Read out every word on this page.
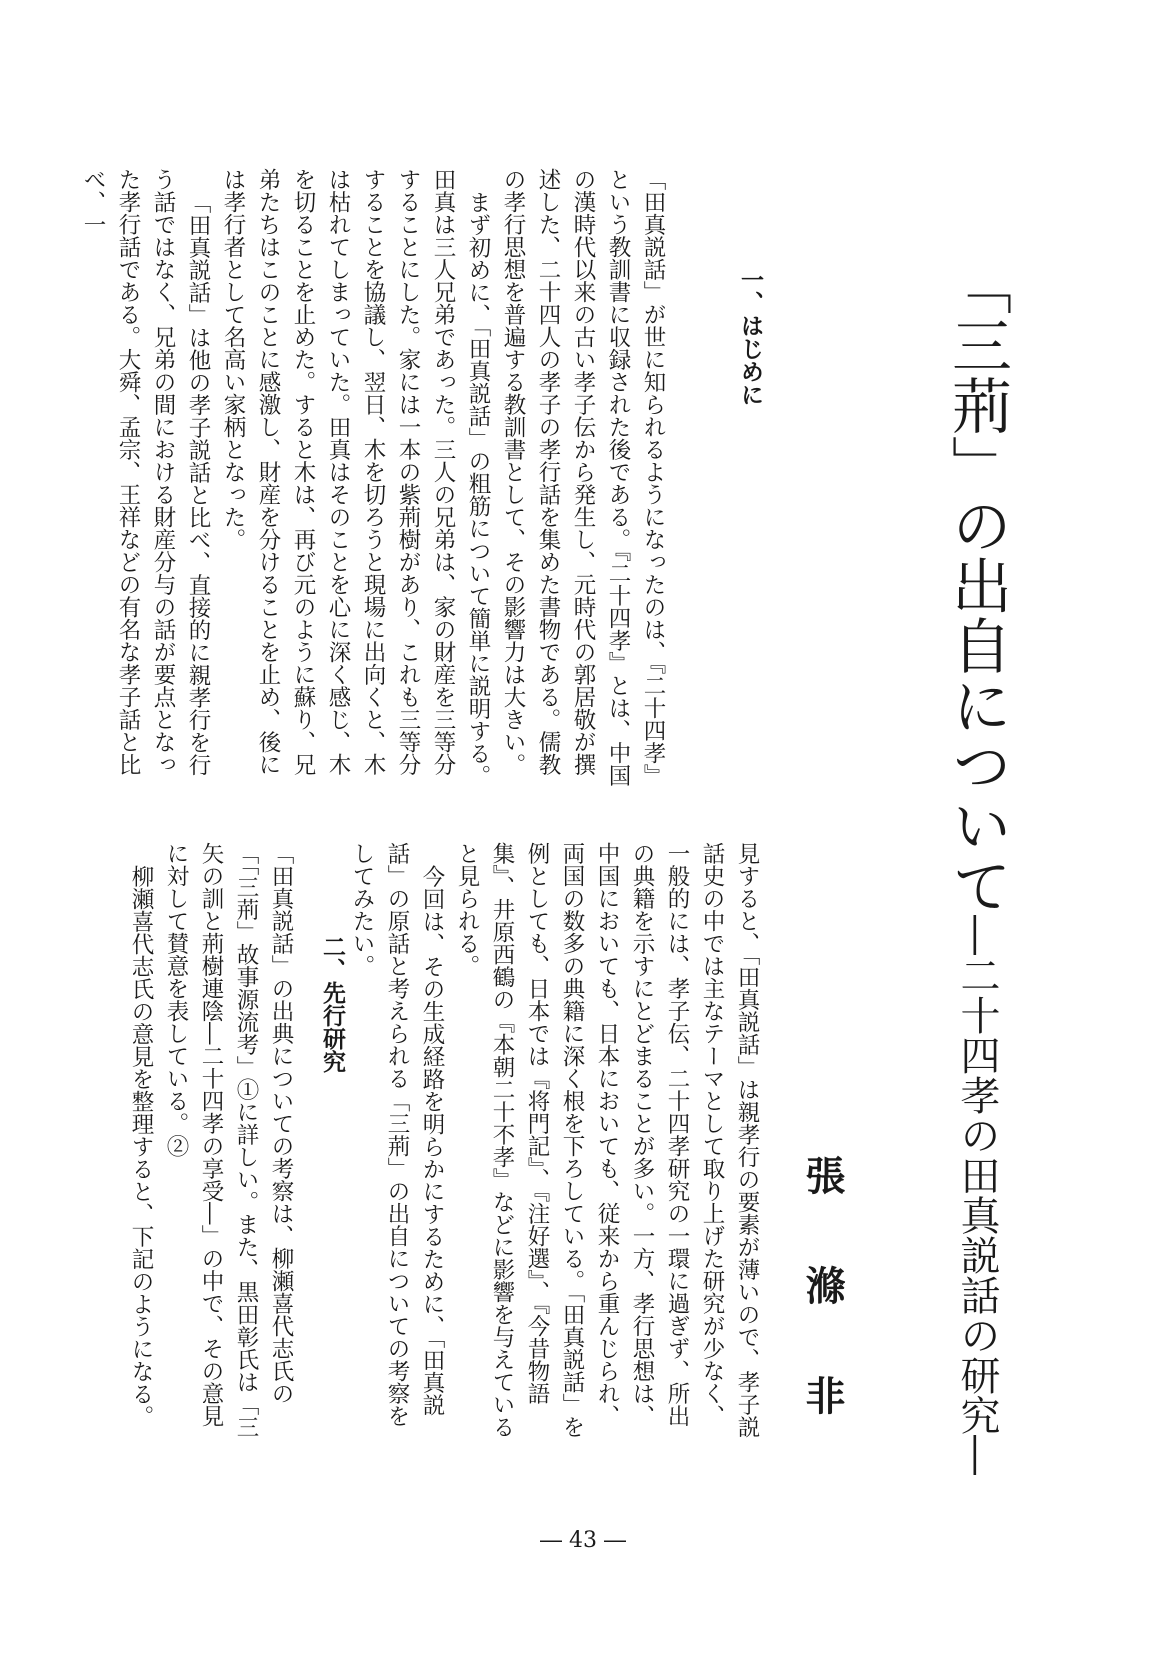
「三荊」の出自について―二十四孝の田真説話の研究―
張
滌
非
一、はじめに
「田真説話」が世に知られるようになったのは、『二十四孝』という教訓書に収録された後である。『二十四孝』とは、中国の漢時代以来の古い孝子伝から発生し、元時代の郭居敬が撰述した、二十四人の孝子の孝行話を集めた書物である。儒教の孝行思想を普遍する教訓書として、その影響力は大きい。
まず初めに、「田真説話」の粗筋について簡単に説明する。田真は三人兄弟であった。三人の兄弟は、家の財産を三等分することにした。家には一本の紫荊樹があり、これも三等分することを協議し、翌日、木を切ろうと現場に出向くと、木は枯れてしまっていた。田真はそのことを心に深く感じ、木を切ることを止めた。すると木は、再び元のように蘇り、兄弟たちはこのことに感激し、財産を分けることを止め、後には孝行者として名高い家柄となった。
「田真説話」は他の孝子説話と比べ、直接的に親孝行を行う話ではなく、兄弟の間における財産分与の話が要点となった孝行話である。大舜、孟宗、王祥などの有名な孝子話と比べ、一
見すると、「田真説話」は親孝行の要素が薄いので、孝子説話史の中では主なテーマとして取り上げた研究が少なく、一般的には、孝子伝、二十四孝研究の一環に過ぎず、所出の典籍を示すにとどまることが多い。一方、孝行思想は、中国においても、日本においても、従来から重んじられ、両国の数多の典籍に深く根を下ろしている。「田真説話」を例としても、日本では『将門記』、『注好選』、『今昔物語集』、井原西鶴の『本朝二十不孝』などに影響を与えていると見られる。
今回は、その生成経路を明らかにするために、「田真説話」の原話と考えられる「三荊」の出自についての考察をしてみたい。
二、先行研究
「田真説話」の出典についての考察は、柳瀬喜代志氏の「「三荊」故事源流考」①に詳しい。また、黒田彰氏は「三矢の訓と荊樹連陰―二十四孝の享受―」の中で、その意見に対して賛意を表している。②
柳瀬喜代志氏の意見を整理すると、下記のようになる。
― 43 ―
